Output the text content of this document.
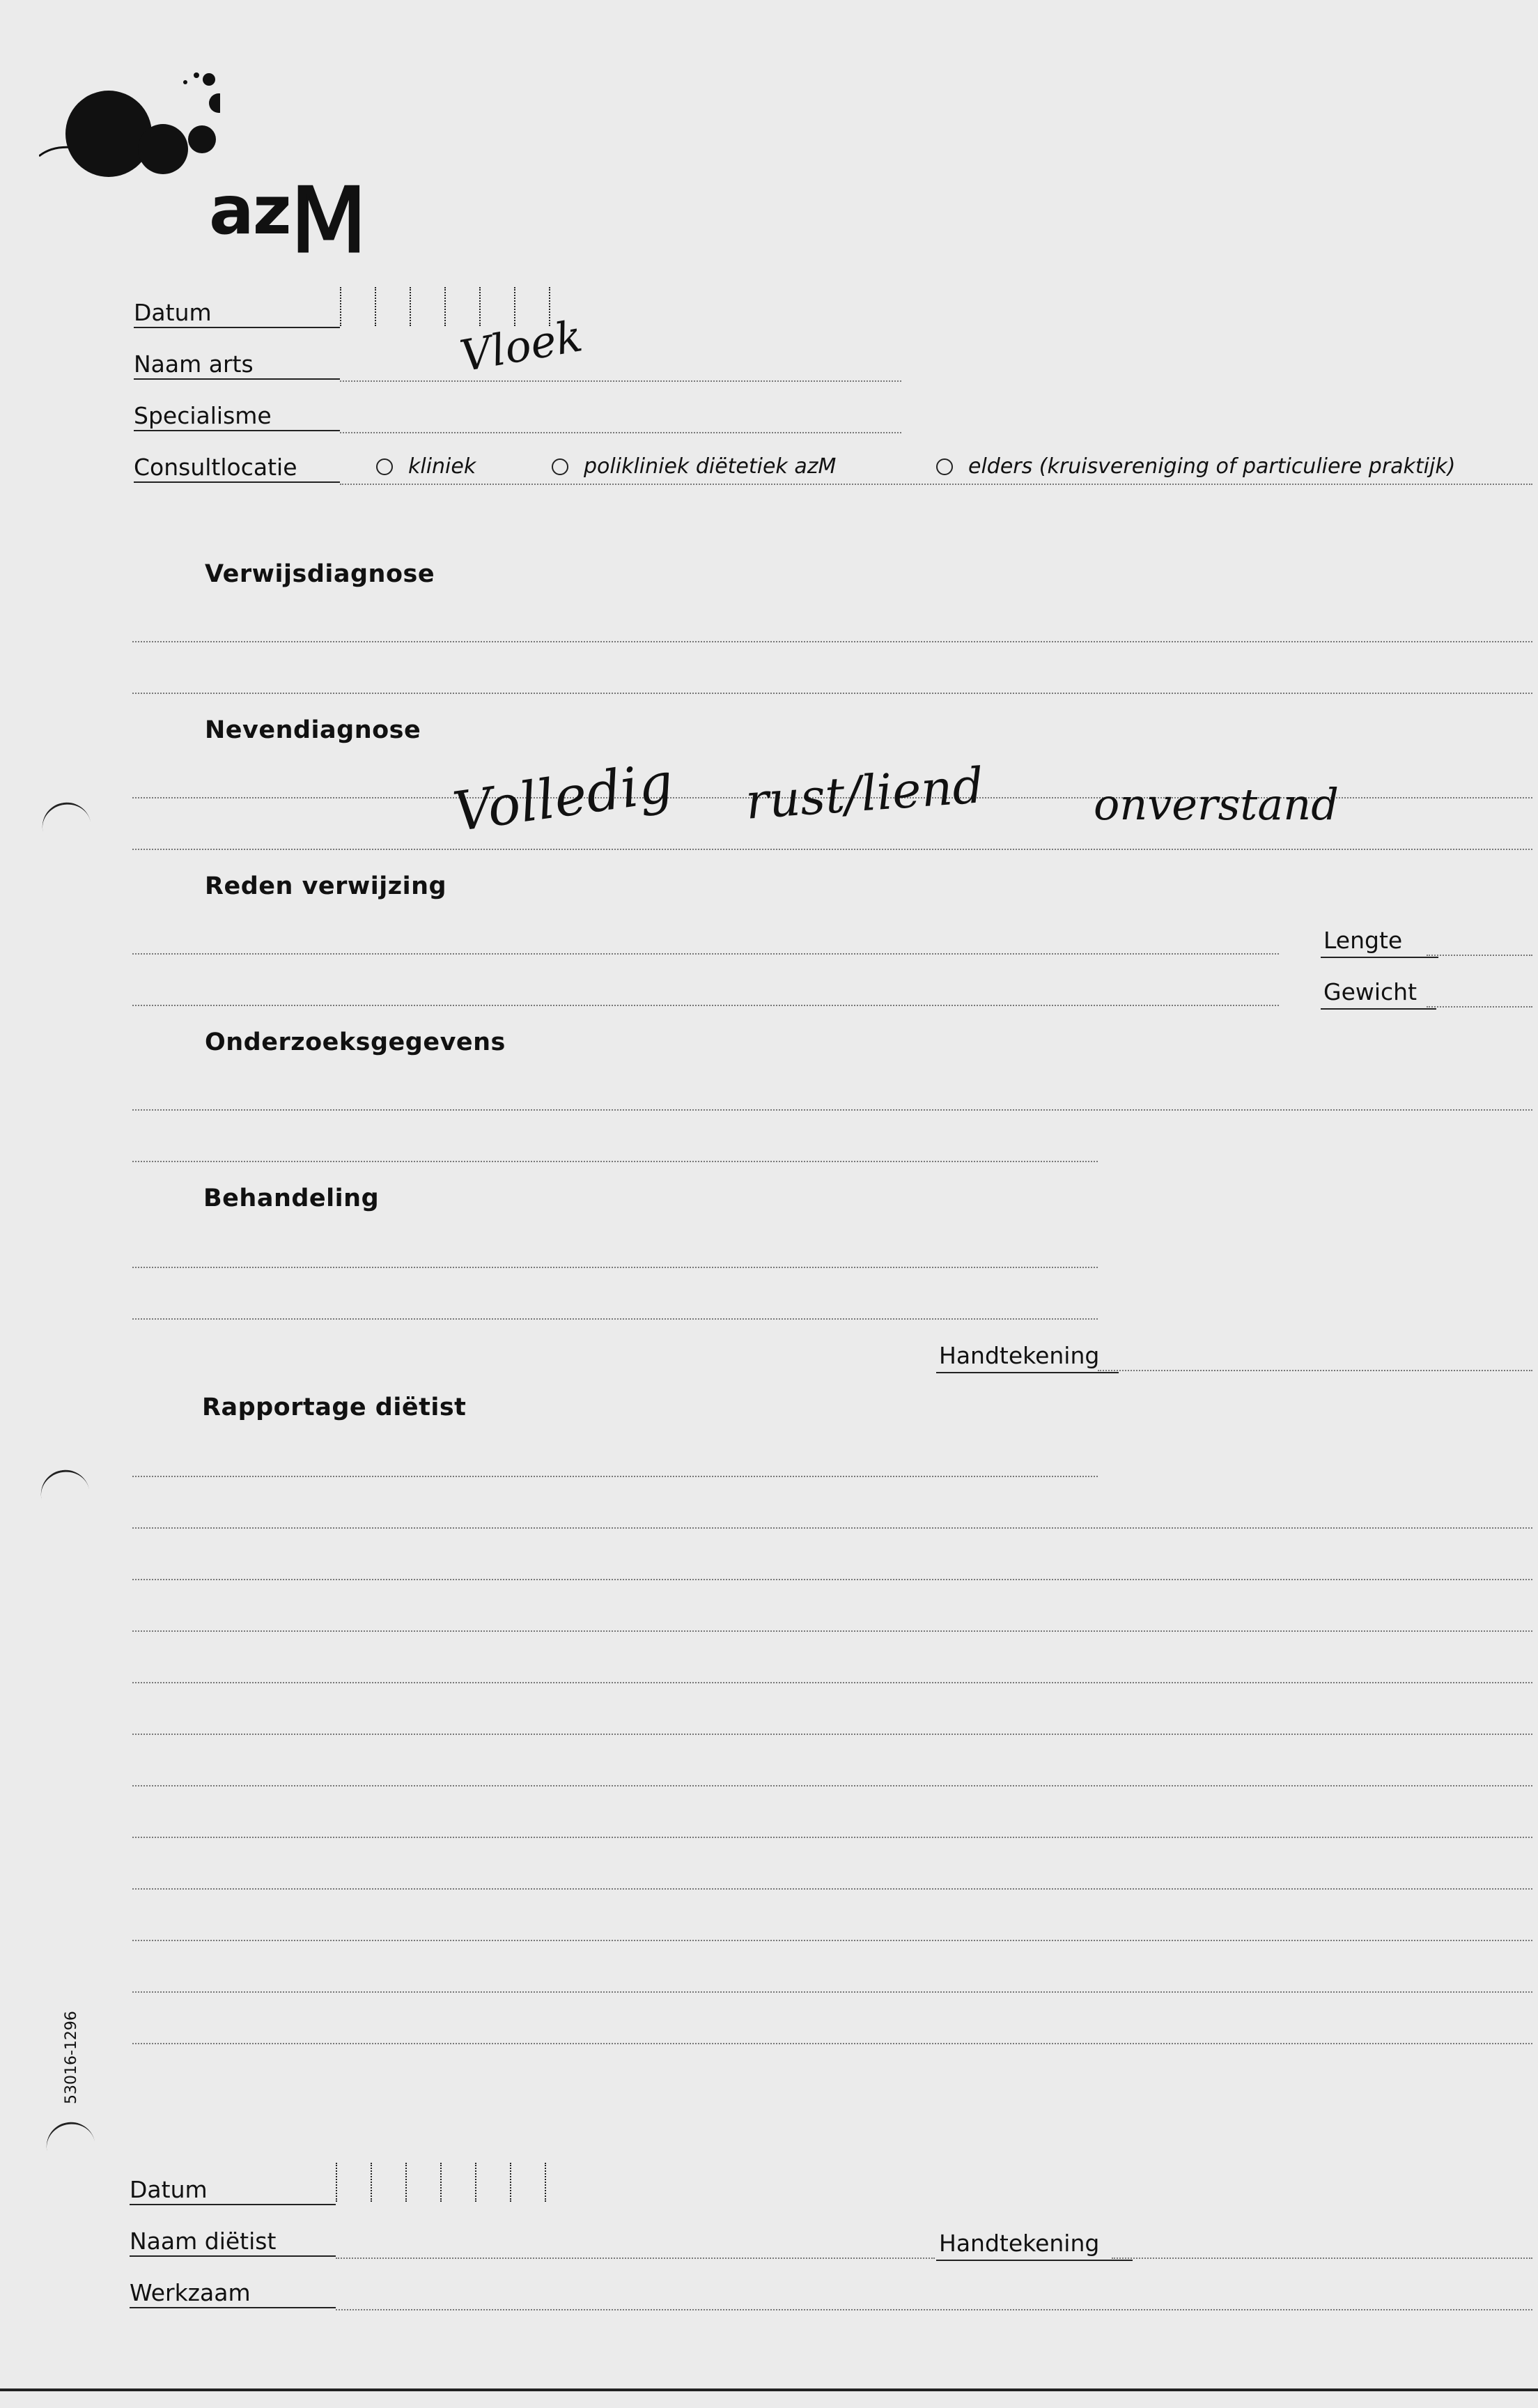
azM
Datum
Naam arts	Vloek
Specialisme
Consultlocatie	kliniek	polikliniek diëtetiek azM	elders (kruisvereniging of particuliere praktijk)
Verwijsdiagnose
Nevendiagnose
Volledig rust/liend	onverstand
Reden verwijzing
Lengte
Gewicht
Onderzoeksgegevens
Behandeling
Handtekening
Rapportage diëtist
Datum
Naam diëtist	Handtekening
Werkzaam
53016-1296
